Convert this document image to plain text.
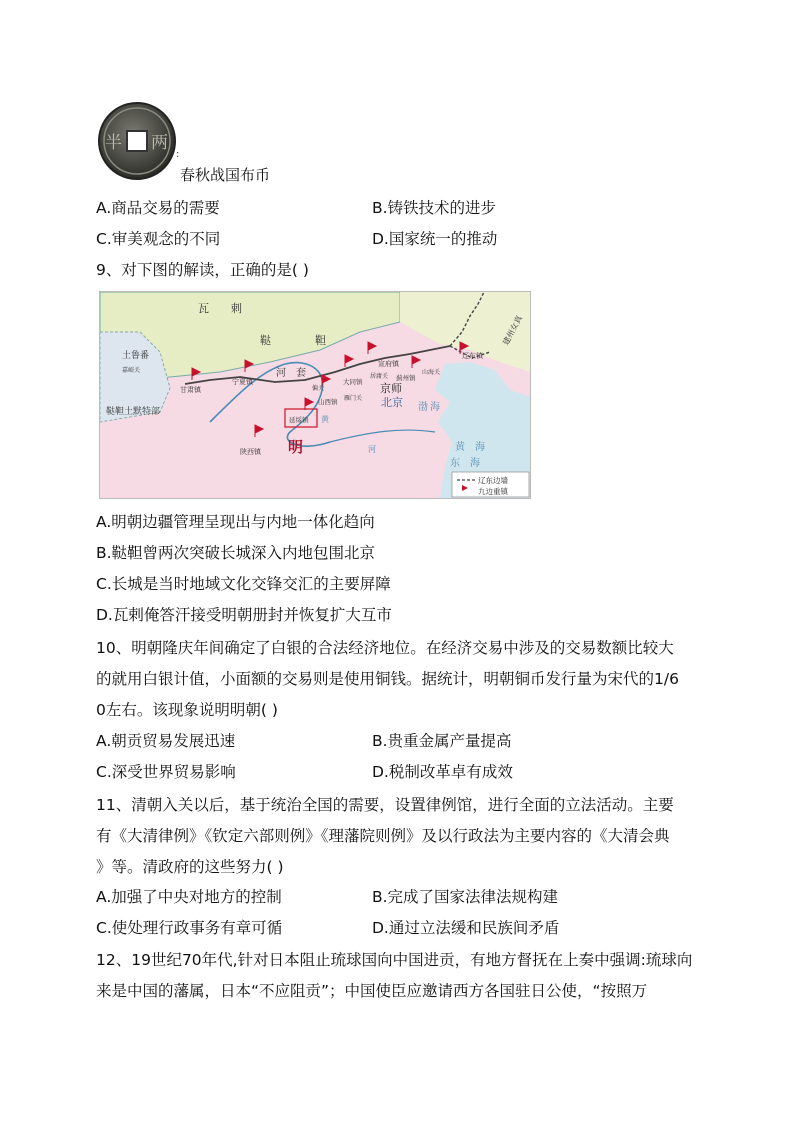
半 两
:
春秋战国布币
A.商品交易的需要	B.铸铁技术的进步
C.审美观念的不同	D.国家统一的推动
9、对下图的解读，正确的是( )
瓦　　剌
鞑　　　　靼	建州女真
土鲁番
嘉峪关
甘肃镇
鞑靼土默特部
宁夏镇
河　套
偏关
延绥镇
山西镇
大同镇
雁门关
宣府镇
居庸关 蓟州镇
山海关
辽东镇
京师
北京
陕西镇 明
渤 海
黄　海
东　海
河
黄
辽东边墙
九边重镇
A.明朝边疆管理呈现出与内地一体化趋向
B.鞑靼曾两次突破长城深入内地包围北京
C.长城是当时地域文化交锋交汇的主要屏障
D.瓦剌俺答汗接受明朝册封并恢复扩大互市
10、明朝隆庆年间确定了白银的合法经济地位。在经济交易中涉及的交易数额比较大
的就用白银计值，小面额的交易则是使用铜钱。据统计，明朝铜币发行量为宋代的1/6
0左右。该现象说明明朝( )
A.朝贡贸易发展迅速	B.贵重金属产量提高
C.深受世界贸易影响	D.税制改革卓有成效
11、清朝入关以后，基于统治全国的需要，设置律例馆，进行全面的立法活动。主要
有《大清律例》《钦定六部则例》《理藩院则例》及以行政法为主要内容的《大清会典
》等。清政府的这些努力( )
A.加强了中央对地方的控制	B.完成了国家法律法规构建
C.使处理行政事务有章可循	D.通过立法缓和民族间矛盾
12、19世纪70年代,针对日本阻止琉球国向中国进贡，有地方督抚在上奏中强调:琉球向
来是中国的藩属，日本“不应阻贡”；中国使臣应邀请西方各国驻日公使，“按照万
